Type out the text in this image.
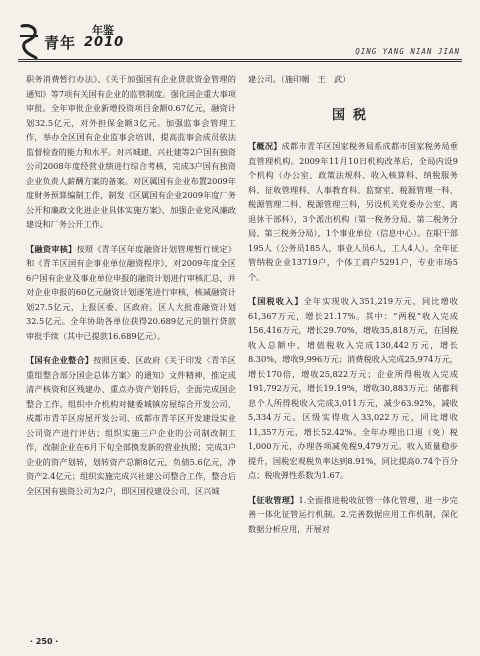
青年
年鉴
2010
QING YANG NIAN JIAN

职务消费暂行办法》、《关于加强国有企业贷款资金管理的通知》等7项有关国有企业的监管制度。强化国企重大事项审批。全年审批企业新增投资项目金额0.67亿元，融资计划32.5亿元，对外担保金额3亿元。加强监事会管理工作，举办全区国有企业监事会培训，提高监事会成员依法监督检查的能力和水平。对兴城建、兴社建等2户国有独资公司2008年度经营业绩进行综合考核，完成3户国有独资企业负责人薪酬方案的备案。对区属国有企业布置2009年度财务预算编制工作，制发《区属国有企业2009年度厂务公开和廉政文化进企业具体实施方案》，加强企业党风廉政建设和厂务公开工作。

【融资审核】按照《青羊区年度融资计划管理暂行规定》和《青羊区国有企事业单位融资程序》，对2009年度全区6户国有企业及事业单位申报的融资计划进行审核汇总，并对企业申报的60亿元融资计划逐笔进行审核，核减融资计划27.5亿元，上报区委、区政府。区人大批准融资计划32.5亿元。全年协助各单位获得20.689亿元的银行贷款审批手续（其中已提款16.689亿元）。

【国有企业整合】按照区委、区政府《关于印发〈青羊区重组整合部分国企总体方案〉的通知》文件精神，推定成清产核资和区残建办、重点办资产划转后，全面完成国企整合工作。组织中介机构对健委城镇房屋综合开发公司、成都市青羊区房屋开发公司、成都市青羊区开发建设实业公司资产进行评估；组织实施三户企业的公司制改制工作，改制企业在6月下旬全部换发新的营业执照；完成3户企业的资产划转，划转资产总额8亿元，负债5.6亿元，净资产2.4亿元；组织实施完成兴社建公司整合工作，整合后全区国有独资公司为2户，即区国投建设公司、区兴城

建公司。（施印帼　王　武）

国税

【概况】成都市青羊区国家税务局系成都市国家税务局垂直管理机构。2009年11月10日机构改革后，全局内设9个机构（办公室、政策法规科、收入核算科、纳税服务科、征收管理科、人事教育科、监察室、税源管理一科、税源管理二科、税源管理三科，另设机关党委办公室、离退休干部科），3个派出机构（第一税务分局、第二税务分局、第三税务分局），1个事业单位（信息中心）。在职干部195人（公务员185人，事业人员6人，工人4人）。全年征管纳税企业13719户，个体工商户5291户，专业市场5个。

【国税收入】全年实现收入351,219万元，同比增收61,367万元，增长21.17%。其中：“两税”收入完成156,416万元，增长29.70%，增收35,818万元，在国税收入总额中，增值税收入完成130,442万元，增长8.30%，增收9,996万元；消费税收入完成25,974万元，增长170倍，增收25,822万元；企业所得税收入完成191,792万元，增长19.19%，增收30,883万元；储蓄利息个人所得税收入完成3,011万元，减少63.92%，减收5,334万元。区级实得收入33,022万元，同比增收11,357万元，增长52.42%。全年办理出口退（免）税1,000万元，办理各项减免税9,479万元。收入质量稳步提升，国税宏观税负率达到8.91%，同比提高0.74个百分点；税收弹性系数为1.67。

【征收管理】1.全面推进税收征管一体化管理，进一步完善一体化征管运行机制。2.完善数据应用工作机制，深化数据分析应用，开展对

· 250 ·
